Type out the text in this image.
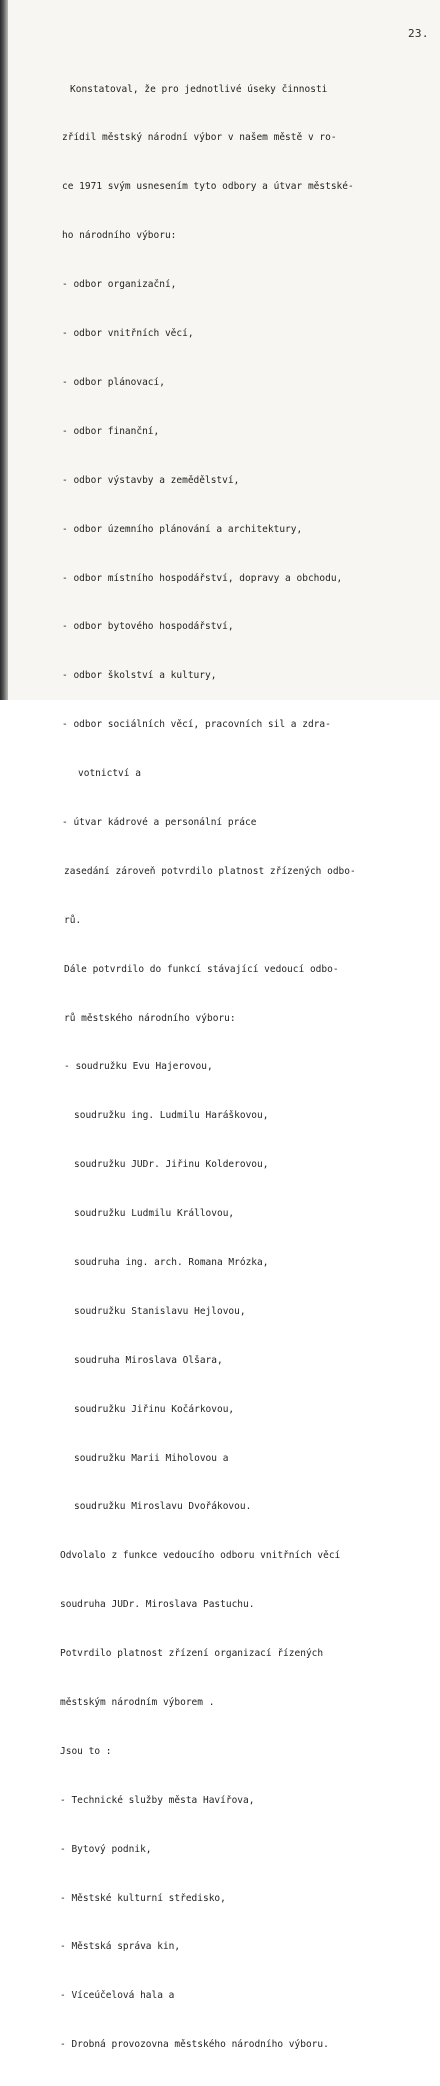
23.

Konstatoval, že pro jednotlivé úseky činnosti

zřídil městský národní výbor v našem městě v ro-

ce 1971 svým usnesením tyto odbory a útvar městské-

ho národního výboru:

- odbor organizační,

- odbor vnitřních věcí,

- odbor plánovací,

- odbor finanční,

- odbor výstavby a zemědělství,

- odbor územního plánování a architektury,

- odbor místního hospodářství, dopravy a obchodu,

- odbor bytového hospodářství,

- odbor školství a kultury,

- odbor sociálních věcí, pracovních sil a zdra-

votnictví a

- útvar kádrové a personální práce

zasedání zároveň potvrdilo platnost zřízených odbo-

rů.

Dále potvrdilo do funkcí stávající vedoucí odbo-

rů městského národního výboru:

- soudružku Evu Hajerovou,

soudružku ing. Ludmilu Haráškovou,

soudružku JUDr. Jiřinu Kolderovou,

soudružku Ludmilu Krállovou,

soudruha ing. arch. Romana Mrózka,

soudružku Stanislavu Hejlovou,

soudruha Miroslava Olšara,

soudružku Jiřinu Kočárkovou,

soudružku Marii Miholovou a

soudružku Miroslavu Dvořákovou.

Odvolalo z funkce vedoucího odboru vnitřních věcí

soudruha JUDr. Miroslava Pastuchu.

Potvrdilo platnost zřízení organizací řízených

městským národním výborem .

Jsou to :

- Technické služby města Havířova,

- Bytový podnik,

- Městské kulturní středisko,

- Městská správa kin,

- Víceúčelová hala a

- Drobná provozovna městského národního výboru.
